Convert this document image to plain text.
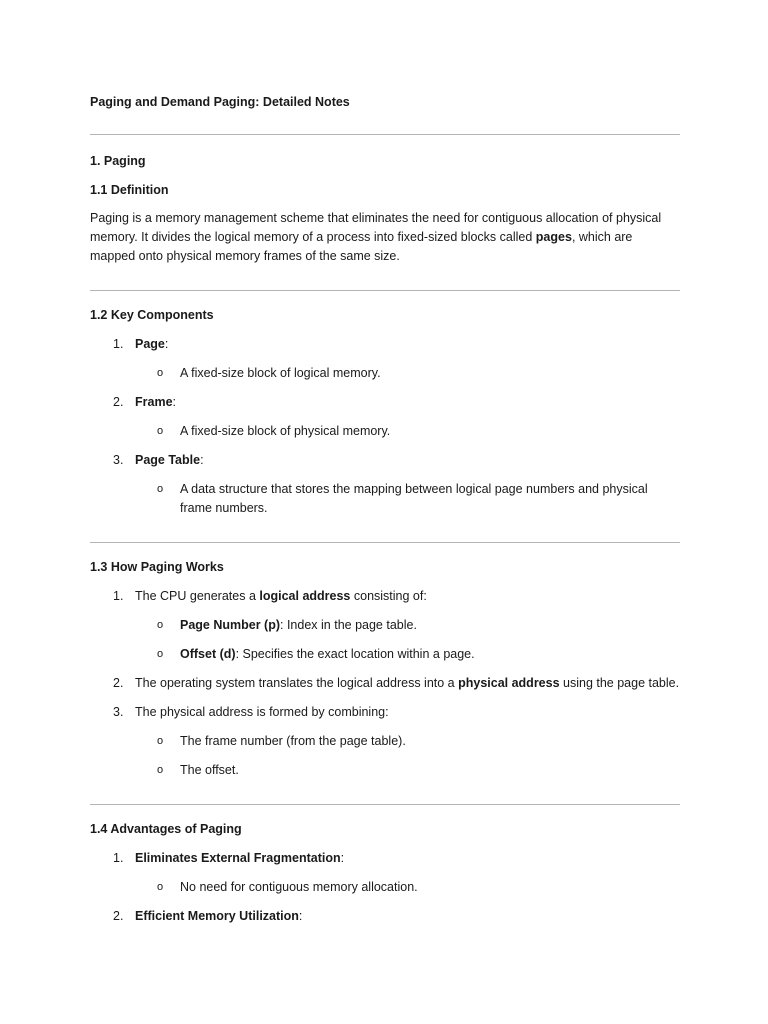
Paging and Demand Paging: Detailed Notes

1. Paging

1.1 Definition

Paging is a memory management scheme that eliminates the need for contiguous allocation of physical memory. It divides the logical memory of a process into fixed-sized blocks called pages, which are mapped onto physical memory frames of the same size.

1.2 Key Components

1. Page:
o A fixed-size block of logical memory.
2. Frame:
o A fixed-size block of physical memory.
3. Page Table:
o A data structure that stores the mapping between logical page numbers and physical frame numbers.

1.3 How Paging Works

1. The CPU generates a logical address consisting of:
o Page Number (p): Index in the page table.
o Offset (d): Specifies the exact location within a page.
2. The operating system translates the logical address into a physical address using the page table.
3. The physical address is formed by combining:
o The frame number (from the page table).
o The offset.

1.4 Advantages of Paging

1. Eliminates External Fragmentation:
o No need for contiguous memory allocation.
2. Efficient Memory Utilization:
